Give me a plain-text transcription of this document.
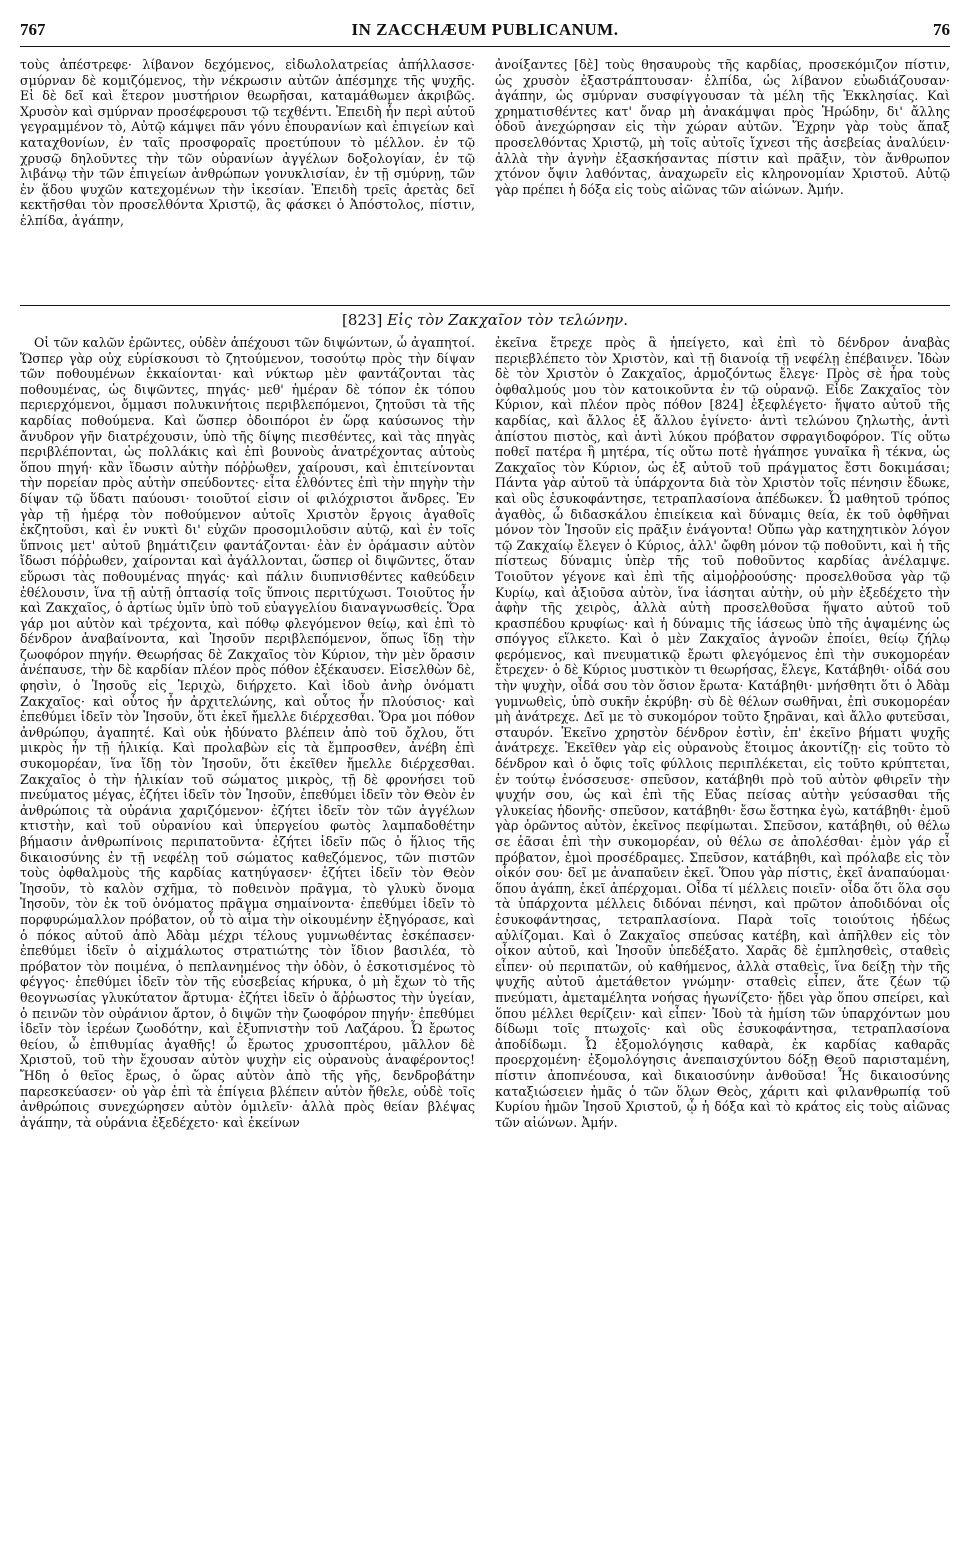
767	IN ZACCHÆUM PUBLICANUM.	76

τοὺς ἀπέστρεφε· λίβανον δεχόμενος, εἰδωλολατρείας ἀπήλλασσε· σμύρναν δὲ κομιζόμενος, τὴν νέκρωσιν αὐτῶν ἀπέσμηχε τῆς ψυχῆς. Εἰ δὲ δεῖ καὶ ἕτερον μυστήριον θεωρῆσαι, καταμάθωμεν ἀκριβῶς. Χρυσὸν καὶ σμύρναν προσέφερουσι τῷ τεχθέντι. Ἐπειδὴ ἦν περὶ αὐτοῦ γεγραμμένον τὸ, Αὐτῷ κάμψει πᾶν γόνυ ἐπουρανίων καὶ ἐπιγείων καὶ καταχθονίων, ἐν ταῖς προσφοραῖς προετύπουν τὸ μέλλον. ἐν τῷ χρυσῷ δηλοῦντες τὴν τῶν οὐρανίων ἀγγέλων δοξολογίαν, ἐν τῷ λιβάνῳ τὴν τῶν ἐπιγείων ἀνθρώπων γονυκλισίαν, ἐν τῇ σμύρνῃ, τῶν ἐν ᾅδου ψυχῶν κατεχομένων τὴν ἱκεσίαν. Ἐπειδὴ τρεῖς ἀρετὰς δεῖ κεκτῆσθαι τὸν προσελθόντα Χριστῷ, ἃς φάσκει ὁ Ἀπόστολος, πίστιν, ἐλπίδα, ἀγάπην,

ἀνοίξαντες [δὲ] τοὺς θησαυροὺς τῆς καρδίας, προσεκόμιζον πίστιν, ὡς χρυσὸν ἐξαστράπτουσαν· ἐλπίδα, ὡς λίβανον εὐωδιάζουσαν· ἀγάπην, ὡς σμύρναν συσφίγγουσαν τὰ μέλη τῆς Ἐκκλησίας. Καὶ χρηματισθέντες κατ' ὄναρ μὴ ἀνακάμψαι πρὸς Ἡρώδην, δι' ἄλλης ὁδοῦ ἀνεχώρησαν εἰς τὴν χώραν αὐτῶν. Ἔχρην γὰρ τοὺς ἅπαξ προσελθόντας Χριστῷ, μὴ τοῖς αὐτοῖς ἴχνεσι τῆς ἀσεβείας ἀναλύειν· ἀλλὰ τὴν ἁγνὴν ἐξασκήσαντας πίστιν καὶ πρᾶξιν, τὸν ἄνθρωπον χτόνον ὄψιν λαθόντας, ἀναχωρεῖν εἰς κληρονομίαν Χριστοῦ. Αὐτῷ γὰρ πρέπει ἡ δόξα εἰς τοὺς αἰῶνας τῶν αἰώνων. Ἀμήν.

[823] Εἰς τὸν Ζακχαῖον τὸν τελώνην.

Οἱ τῶν καλῶν ἐρῶντες, οὐδὲν ἀπέχουσι τῶν διψώντων, ὦ ἀγαπητοί. Ὥσπερ γὰρ οὐχ εὑρίσκουσι τὸ ζητούμενον, τοσούτῳ πρὸς τὴν δίψαν τῶν ποθουμένων ἐκκαίονται· καὶ νύκτωρ μὲν φαντάζονται τὰς ποθουμένας, ὡς διψῶντες, πηγάς· μεθ' ἡμέραν δὲ τόπον ἐκ τόπου περιερχόμενοι, ὄμμασι πολυκινήτοις περιβλεπόμενοι, ζητοῦσι τὰ τῆς καρδίας ποθούμενα. Καὶ ὥσπερ ὁδοιπόροι ἐν ὥρᾳ καύσωνος τὴν ἄνυδρον γῆν διατρέχουσιν, ὑπὸ τῆς δίψης πιεσθέντες, καὶ τὰς πηγὰς περιβλέπονται, ὡς πολλάκις καὶ ἐπὶ βουνοὺς ἀνατρέχοντας αὐτοὺς ὅπου πηγή· κἂν ἴδωσιν αὐτὴν πόῤῥωθεν, χαίρουσι, καὶ ἐπιτείνονται τὴν πορείαν πρὸς αὐτὴν σπεύδοντες· εἶτα ἐλθόντες ἐπὶ τὴν πηγὴν τὴν δίψαν τῷ ὕδατι παύουσι· τοιοῦτοί εἰσιν οἱ φιλόχριστοι ἄνδρες. Ἐν γὰρ τῇ ἡμέρᾳ τὸν ποθούμενον αὐτοῖς Χριστὸν ἔργοις ἀγαθοῖς ἐκζητοῦσι, καὶ ἐν νυκτὶ δι' εὐχῶν προσομιλοῦσιν αὐτῷ, καὶ ἐν τοῖς ὕπνοις μετ' αὐτοῦ βημάτιζειν φαντάζονται· ἐὰν ἐν ὁράμασιν αὐτὸν ἴδωσι πόῤῥωθεν, χαίρονται καὶ ἀγάλλονται, ὥσπερ οἱ διψῶντες, ὅταν εὕρωσι τὰς ποθουμένας πηγάς· καὶ πάλιν διυπνισθέντες καθεύδειν ἐθέλουσιν, ἵνα τῇ αὐτῇ ὀπτασίᾳ τοῖς ὕπνοις περιτύχωσι. Τοιοῦτος ἦν καὶ Ζακχαῖος, ὁ ἀρτίως ὑμῖν ὑπὸ τοῦ εὐαγγελίου διαναγνωσθείς. Ὅρα γάρ μοι αὐτὸν καὶ τρέχοντα, καὶ πόθῳ φλεγόμενον θείῳ, καὶ ἐπὶ τὸ δένδρον ἀναβαίνοντα, καὶ Ἰησοῦν περιβλεπόμενον, ὅπως ἴδῃ τὴν ζωοφόρον πηγήν. Θεωρήσας δὲ Ζακχαῖος τὸν Κύριον, τὴν μὲν ὅρασιν ἀνέπαυσε, τὴν δὲ καρδίαν πλέον πρὸς πόθον ἐξέκαυσεν. Εἰσελθὼν δὲ, φησὶν, ὁ Ἰησοῦς εἰς Ἱεριχὼ, διήρχετο. Καὶ ἰδοὺ ἀνὴρ ὀνόματι Ζακχαῖος· καὶ οὗτος ἦν ἀρχιτελώνης, καὶ οὗτος ἦν πλούσιος· καὶ ἐπεθύμει ἰδεῖν τὸν Ἰησοῦν, ὅτι ἐκεῖ ἤμελλε διέρχεσθαι. Ὅρα μοι πόθον ἀνθρώπου, ἀγαπητέ. Καὶ οὐκ ἠδύνατο βλέπειν ἀπὸ τοῦ ὄχλου, ὅτι μικρὸς ἦν τῇ ἡλικίᾳ. Καὶ προλαβὼν εἰς τὰ ἔμπροσθεν, ἀνέβη ἐπὶ συκομορέαν, ἵνα ἴδῃ τὸν Ἰησοῦν, ὅτι ἐκεῖθεν ἤμελλε διέρχεσθαι. Ζακχαῖος ὁ τὴν ἡλικίαν τοῦ σώματος μικρὸς, τῇ δὲ φρονήσει τοῦ πνεύματος μέγας, ἐζήτει ἰδεῖν τὸν Ἰησοῦν, ἐπεθύμει ἰδεῖν τὸν Θεὸν ἐν ἀνθρώποις τὰ οὐράνια χαριζόμενον· ἐζήτει ἰδεῖν τὸν τῶν ἀγγέλων κτιστὴν, καὶ τοῦ οὐρανίου καὶ ὑπεργείου φωτὸς λαμπαδοθέτην βήμασιν ἀνθρωπίνοις περιπατοῦντα· ἐζήτει ἰδεῖν πῶς ὁ ἥλιος τῆς δικαιοσύνης ἐν τῇ νεφέλῃ τοῦ σώματος καθεζόμενος, τῶν πιστῶν τοὺς ὀφθαλμοὺς τῆς καρδίας κατηύγασεν· ἐζήτει ἰδεῖν τὸν Θεὸν Ἰησοῦν, τὸ καλὸν σχῆμα, τὸ ποθεινὸν πρᾶγμα, τὸ γλυκὺ ὄνομα Ἰησοῦν, τὸν ἐκ τοῦ ὀνόματος πρᾶγμα σημαίνοντα· ἐπεθύμει ἰδεῖν τὸ πορφυρώμαλλον πρόβατον, οὗ τὸ αἷμα τὴν οἰκουμένην ἐξηγόρασε, καὶ ὁ πόκος αὐτοῦ ἀπὸ Ἀδὰμ μέχρι τέλους γυμνωθέντας ἐσκέπασεν· ἐπεθύμει ἰδεῖν ὁ αἰχμάλωτος στρατιώτης τὸν ἴδιον βασιλέα, τὸ πρόβατον τὸν ποιμένα, ὁ πεπλανημένος τὴν ὁδὸν, ὁ ἐσκοτισμένος τὸ φέγγος· ἐπεθύμει ἰδεῖν τὸν τῆς εὐσεβείας κήρυκα, ὁ μὴ ἔχων τὸ τῆς θεογνωσίας γλυκύτατον ἄρτυμα· ἐζήτει ἰδεῖν ὁ ἄῤῥωστος τὴν ὑγείαν, ὁ πεινῶν τὸν οὐράνιον ἄρτον, ὁ διψῶν τὴν ζωοφόρον πηγήν· ἐπεθύμει ἰδεῖν τὸν ἱερέων ζωοδότην, καὶ ἐξυπνιστὴν τοῦ Λαζάρου. Ὦ ἔρωτος θείου, ὦ ἐπιθυμίας ἀγαθῆς! ὦ ἔρωτος χρυσοπτέρου, μᾶλλον δὲ Χριστοῦ, τοῦ τὴν ἔχουσαν αὐτὸν ψυχὴν εἰς οὐρανοὺς ἀναφέροντος! Ἤδη ὁ θεῖος ἔρως, ὁ ὥρας αὐτὸν ἀπὸ τῆς γῆς, δενδροβάτην παρεσκεύασεν· οὐ γὰρ ἐπὶ τὰ ἐπίγεια βλέπειν αὐτὸν ἤθελε, οὐδὲ τοῖς ἀνθρώποις συνεχώρησεν αὐτὸν ὁμιλεῖν· ἀλλὰ πρὸς θείαν βλέψας ἀγάπην, τὰ οὐράνια ἐξεδέχετο· καὶ ἐκείνων

ἐκεῖνα ἔτρεχε πρὸς ἃ ἠπείγετο, καὶ ἐπὶ τὸ δένδρον ἀναβὰς περιεβλέπετο τὸν Χριστὸν, καὶ τῇ διανοίᾳ τῇ νεφέλῃ ἐπέβαινεν. Ἰδὼν δὲ τὸν Χριστὸν ὁ Ζακχαῖος, ἁρμοζόντως ἔλεγε· Πρὸς σὲ ἦρα τοὺς ὀφθαλμούς μου τὸν κατοικοῦντα ἐν τῷ οὐρανῷ. Εἶδε Ζακχαῖος τὸν Κύριον, καὶ πλέον πρὸς πόθον [824] ἐξεφλέγετο· ἥψατο αὐτοῦ τῆς καρδίας, καὶ ἄλλος ἐξ ἄλλου ἐγίνετο· ἀντὶ τελώνου ζηλωτὴς, ἀντὶ ἀπίστου πιστὸς, καὶ ἀντὶ λύκου πρόβατον σφραγιδοφόρον. Τίς οὕτω ποθεῖ πατέρα ἢ μητέρα, τίς οὕτω ποτὲ ἠγάπησε γυναῖκα ἢ τέκνα, ὡς Ζακχαῖος τὸν Κύριον, ὡς ἐξ αὐτοῦ τοῦ πράγματος ἔστι δοκιμάσαι; Πάντα γὰρ αὐτοῦ τὰ ὑπάρχοντα διὰ τὸν Χριστὸν τοῖς πένησιν ἔδωκε, καὶ οὓς ἐσυκοφάντησε, τετραπλασίονα ἀπέδωκεν. Ὦ μαθητοῦ τρόπος ἀγαθὸς, ὦ διδασκάλου ἐπιείκεια καὶ δύναμις θεία, ἐκ τοῦ ὀφθῆναι μόνον τὸν Ἰησοῦν εἰς πρᾶξιν ἐνάγοντα! Οὔπω γὰρ κατηχητικὸν λόγον τῷ Ζακχαίῳ ἔλεγεν ὁ Κύριος, ἀλλ' ὤφθη μόνον τῷ ποθοῦντι, καὶ ἡ τῆς πίστεως δύναμις ὑπὲρ τῆς τοῦ ποθοῦντος καρδίας ἀνέλαμψε. Τοιοῦτον γέγονε καὶ ἐπὶ τῆς αἱμοῤῥοούσης· προσελθοῦσα γὰρ τῷ Κυρίῳ, καὶ ἀξιοῦσα αὐτὸν, ἵνα ἰάσηται αὐτὴν, οὐ μὴν ἐξεδέχετο τὴν ἀφὴν τῆς χειρὸς, ἀλλὰ αὐτὴ προσελθοῦσα ἥψατο αὐτοῦ τοῦ κρασπέδου κρυφίως· καὶ ἡ δύναμις τῆς ἰάσεως ὑπὸ τῆς ἁψαμένης ὡς σπόγγος εἵλκετο. Καὶ ὁ μὲν Ζακχαῖος ἀγνοῶν ἐποίει, θείῳ ζήλῳ φερόμενος, καὶ πνευματικῷ ἔρωτι φλεγόμενος ἐπὶ τὴν συκομορέαν ἔτρεχεν· ὁ δὲ Κύριος μυστικὸν τι θεωρήσας, ἔλεγε, Κατάβηθι· οἶδά σου τὴν ψυχὴν, οἶδά σου τὸν ὅσιον ἔρωτα· Κατάβηθι· μνήσθητι ὅτι ὁ Ἀδὰμ γυμνωθεὶς, ὑπὸ συκῆν ἐκρύβη· σὺ δὲ θέλων σωθῆναι, ἐπὶ συκομορέαν μὴ ἀνάτρεχε. Δεῖ με τὸ συκομόρον τοῦτο ξηρᾶναι, καὶ ἄλλο φυτεῦσαι, σταυρόν. Ἐκεῖνο χρηστὸν δένδρον ἐστὶν, ἐπ' ἐκεῖνο βήματι ψυχῆς ἀνάτρεχε. Ἐκεῖθεν γὰρ εἰς οὐρανοὺς ἕτοιμος ἀκοντίζῃ· εἰς τοῦτο τὸ δένδρον καὶ ὁ ὄφις τοῖς φύλλοις περιπλέκεται, εἰς τοῦτο κρύπτεται, ἐν τούτῳ ἐνόσσευσε· σπεῦσον, κατάβηθι πρὸ τοῦ αὐτὸν φθιρεῖν τὴν ψυχήν σου, ὡς καὶ ἐπὶ τῆς Εὔας πείσας αὐτὴν γεύσασθαι τῆς γλυκείας ἡδονῆς· σπεῦσον, κατάβηθι· ἔσω ἔστηκα ἐγὼ, κατάβηθι· ἐμοῦ γὰρ ὁρῶντος αὐτὸν, ἐκεῖνος πεφίμωται. Σπεῦσον, κατάβηθι, οὐ θέλω σε ἐᾶσαι ἐπὶ τὴν συκομορέαν, οὐ θέλω σε ἀπολέσθαι· ἐμὸν γάρ εἶ πρόβατον, ἐμοὶ προσέδραμες. Σπεῦσον, κατάβηθι, καὶ πρόλαβε εἰς τὸν οἶκόν σου· δεῖ με ἀναπαῦειν ἐκεῖ. Ὅπου γὰρ πίστις, ἐκεῖ ἀναπαύομαι· ὅπου ἀγάπη, ἐκεῖ ἀπέρχομαι. Οἶδα τί μέλλεις ποιεῖν· οἶδα ὅτι ὅλα σου τὰ ὑπάρχοντα μέλλεις διδόναι πένησι, καὶ πρῶτον ἀποδιδόναι οἷς ἐσυκοφάντησας, τετραπλασίονα. Παρὰ τοῖς τοιούτοις ἡδέως αὐλίζομαι. Καὶ ὁ Ζακχαῖος σπεύσας κατέβη, καὶ ἀπῆλθεν εἰς τὸν οἶκον αὐτοῦ, καὶ Ἰησοῦν ὑπεδέξατο. Χαρᾶς δὲ ἐμπλησθεὶς, σταθεὶς εἶπεν· οὐ περιπατῶν, οὐ καθήμενος, ἀλλὰ σταθεὶς, ἵνα δείξῃ τὴν τῆς ψυχῆς αὐτοῦ ἀμετάθετον γνώμην· σταθεὶς εἶπεν, ἅτε ζέων τῷ πνεύματι, ἀμεταμέλητα νοήσας ἠγωνίζετο· ᾔδει γὰρ ὅπου σπείρει, καὶ ὅπου μέλλει θερίζειν· καὶ εἶπεν· Ἰδοὺ τὰ ἡμίση τῶν ὑπαρχόντων μου δίδωμι τοῖς πτωχοῖς· καὶ οὓς ἐσυκοφάντησα, τετραπλασίονα ἀποδίδωμι. Ὦ ἐξομολόγησις καθαρὰ, ἐκ καρδίας καθαρᾶς προερχομένη· ἐξομολόγησις ἀνεπαισχύντου δόξῃ Θεοῦ παρισταμένη, πίστιν ἀποπνέουσα, καὶ δικαιοσύνην ἀνθοῦσα! Ἧς δικαιοσύνης καταξιώσειεν ἡμᾶς ὁ τῶν ὅλων Θεὸς, χάριτι καὶ φιλανθρωπίᾳ τοῦ Κυρίου ἡμῶν Ἰησοῦ Χριστοῦ, ᾧ ἡ δόξα καὶ τὸ κράτος εἰς τοὺς αἰῶνας τῶν αἰώνων. Ἀμήν.
